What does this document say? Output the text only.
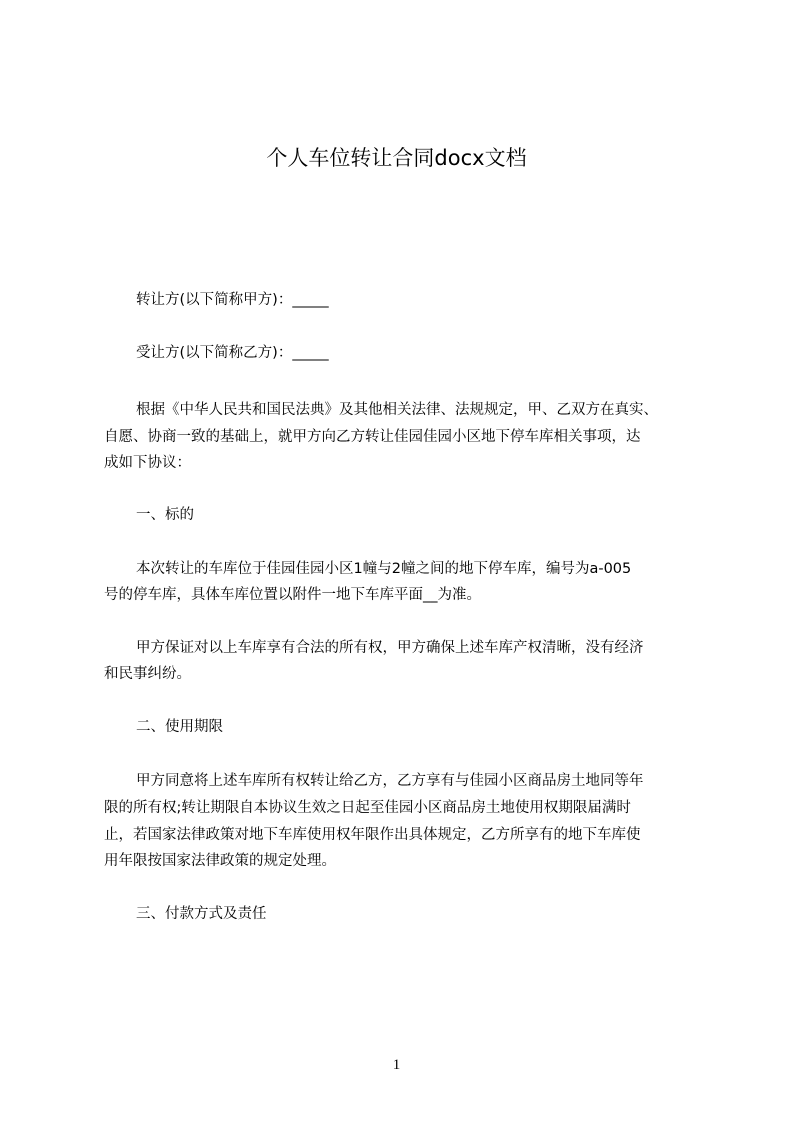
个人车位转让合同docx文档
转让方(以下简称甲方)：_____
受让方(以下简称乙方)：_____
根据《中华人民共和国民法典》及其他相关法律、法规规定，甲、乙双方在真实、
自愿、协商一致的基础上，就甲方向乙方转让佳园佳园小区地下停车库相关事项，达
成如下协议：
一、标的
本次转让的车库位于佳园佳园小区1幢与2幢之间的地下停车库，编号为a-005
号的停车库，具体车库位置以附件一地下车库平面__为准。
甲方保证对以上车库享有合法的所有权，甲方确保上述车库产权清晰，没有经济
和民事纠纷。
二、使用期限
甲方同意将上述车库所有权转让给乙方，乙方享有与佳园小区商品房土地同等年
限的所有权;转让期限自本协议生效之日起至佳园小区商品房土地使用权期限届满时
止，若国家法律政策对地下车库使用权年限作出具体规定，乙方所享有的地下车库使
用年限按国家法律政策的规定处理。
三、付款方式及责任
1
